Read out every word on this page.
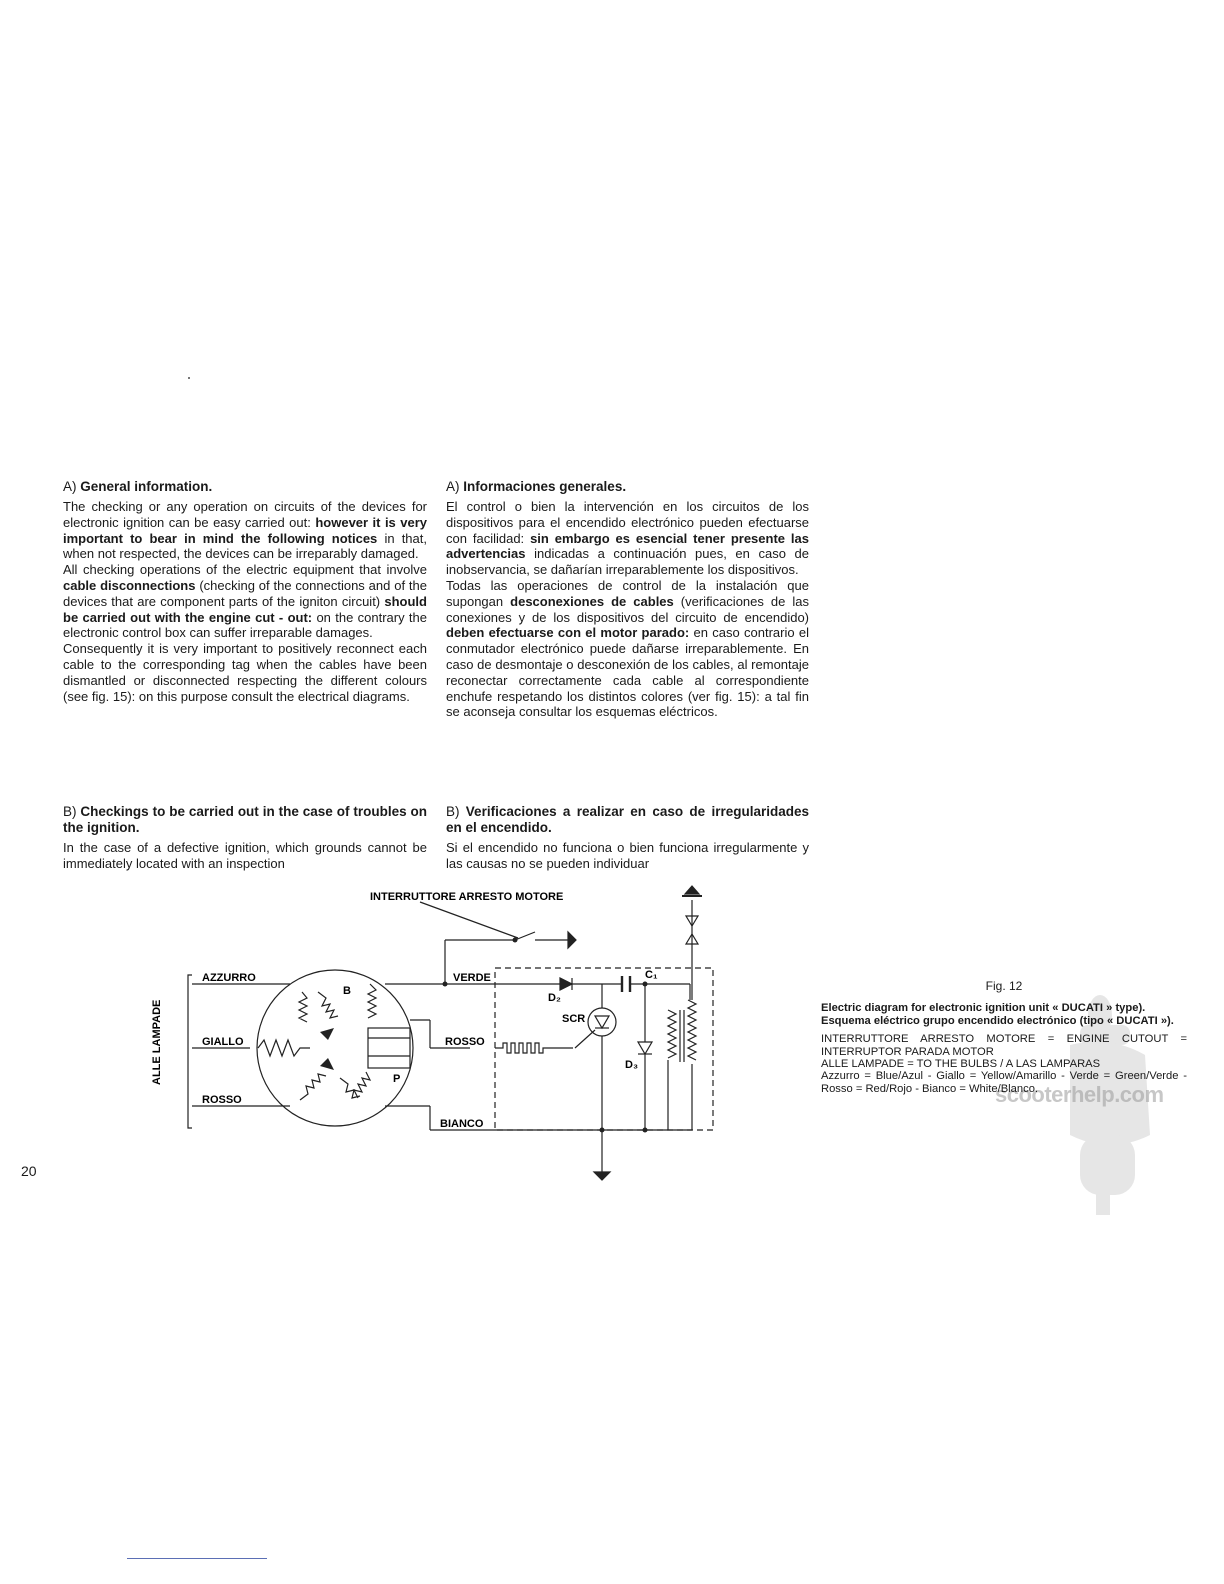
A) General information.

The checking or any operation on circuits of the devices for electronic ignition can be easy carried out: however it is very important to bear in mind the following notices in that, when not respected, the devices can be irreparably damaged.

All checking operations of the electric equipment that involve cable disconnections (checking of the connections and of the devices that are component parts of the igniton circuit) should be carried out with the engine cut - out: on the contrary the electronic control box can suffer irreparable damages.

Consequently it is very important to positively reconnect each cable to the corresponding tag when the cables have been dismantled or disconnected respecting the different colours (see fig. 15): on this purpose consult the electrical diagrams.

A) Informaciones generales.

El control o bien la intervención en los circuitos de los dispositivos para el encendido electrónico pueden efectuarse con facilidad: sin embargo es esencial tener presente las advertencias indicadas a continuación pues, en caso de inobservancia, se dañarían irreparablemente los dispositivos.

Todas las operaciones de control de la instalación que supongan desconexiones de cables (verificaciones de las conexiones y de los dispositivos del circuito de encendido) deben efectuarse con el motor parado: en caso contrario el conmutador electrónico puede dañarse irreparablemente. En caso de desmontaje o desconexión de los cables, al remontaje reconectar correctamente cada cable al correspondiente enchufe respetando los distintos colores (ver fig. 15): a tal fin se aconseja consultar los esquemas eléctricos.

B) Checkings to be carried out in the case of troubles on the ignition.

In the case of a defective ignition, which grounds cannot be immediately located with an inspection

B) Verificaciones a realizar en caso de irregularidades en el encendido.

Si el encendido no funciona o bien funciona irregularmente y las causas no se pueden individuar

INTERRUTTORE ARRESTO MOTORE
ALLE LAMPADE
AZZURRO
GIALLO
ROSSO
VERDE
ROSSO
BIANCO
B
P
D₂
D₃
C₁
SCR
20
scooterhelp.com
Fig. 12
Electric diagram for electronic ignition unit « DUCATI » type).
Esquema eléctrico grupo encendido electrónico (tipo « DUCATI »).
INTERRUTTORE ARRESTO MOTORE = ENGINE CUTOUT = INTERRUPTOR PARADA MOTOR
ALLE LAMPADE = TO THE BULBS / A LAS LAMPARAS
Azzurro = Blue/Azul - Giallo = Yellow/Amarillo - Verde = Green/Verde - Rosso = Red/Rojo - Bianco = White/Blanco.
